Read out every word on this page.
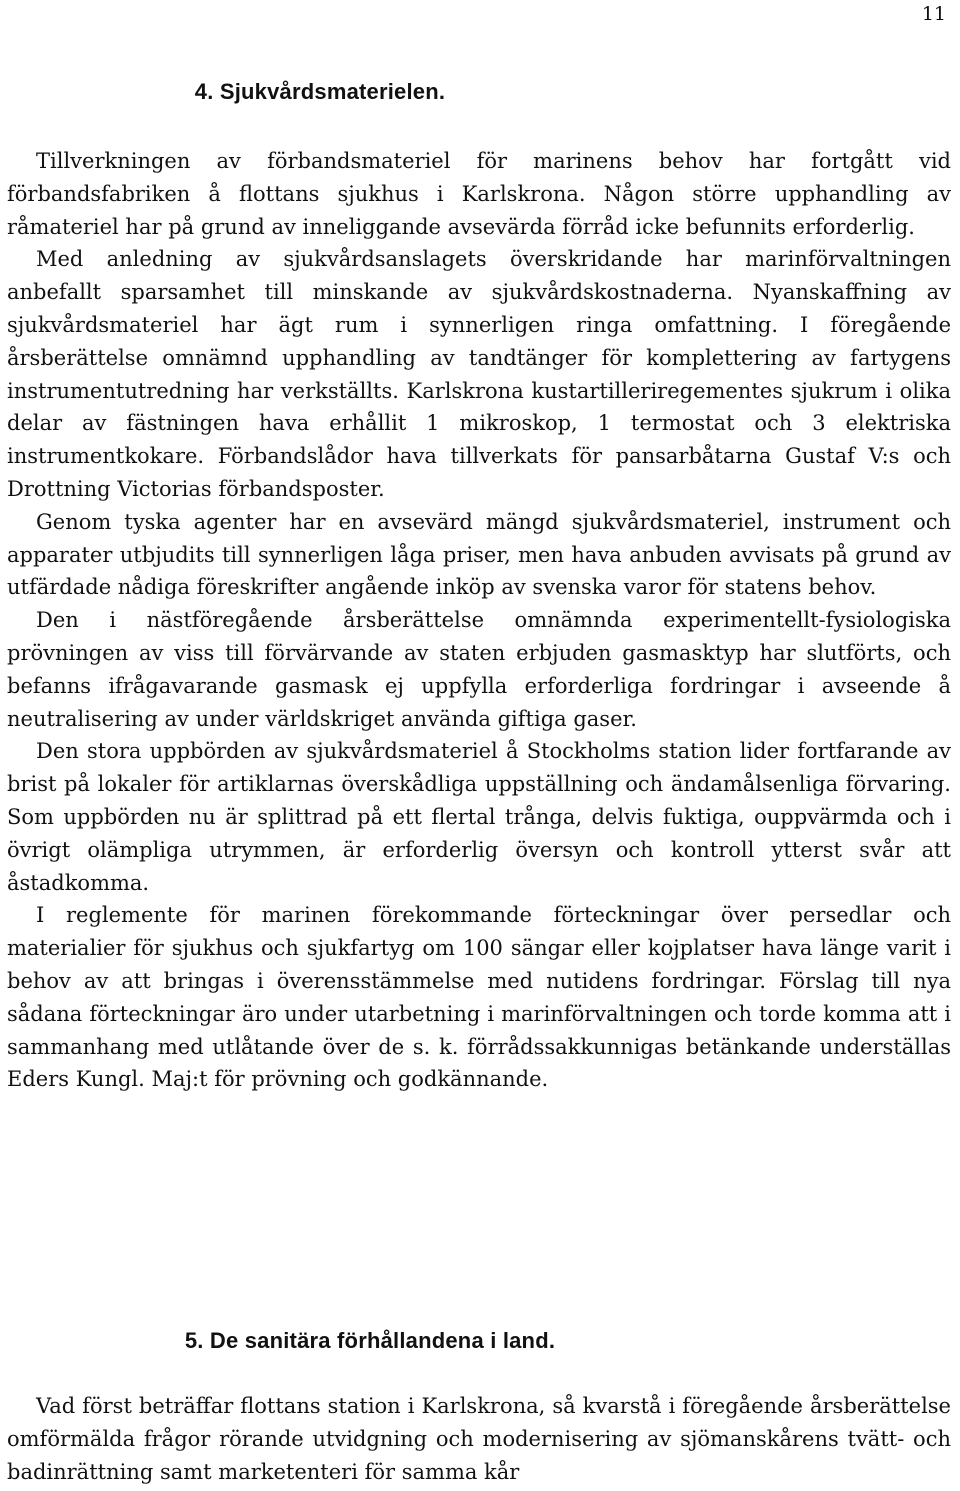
11
4. Sjukvårdsmaterielen.

Tillverkningen av förbandsmateriel för marinens behov har fortgått vid förbandsfabriken å flottans sjukhus i Karlskrona. Någon större upphandling av råmateriel har på grund av inneliggande avsevärda förråd icke befunnits erforderlig.

Med anledning av sjukvårdsanslagets överskridande har marinförvaltningen anbefallt sparsamhet till minskande av sjukvårdskostnaderna. Nyanskaffning av sjukvårdsmateriel har ägt rum i synnerligen ringa omfattning. I föregående årsberättelse omnämnd upphandling av tandtänger för komplettering av fartygens instrumentutredning har verkställts. Karlskrona kustartilleriregementes sjukrum i olika delar av fästningen hava erhållit 1 mikroskop, 1 termostat och 3 elektriska instrumentkokare. Förbandslådor hava tillverkats för pansarbåtarna Gustaf V:s och Drottning Victorias förbandsposter.

Genom tyska agenter har en avsevärd mängd sjukvårdsmateriel, instrument och apparater utbjudits till synnerligen låga priser, men hava anbuden avvisats på grund av utfärdade nådiga föreskrifter angående inköp av svenska varor för statens behov.

Den i nästföregående årsberättelse omnämnda experimentellt-fysiologiska prövningen av viss till förvärvande av staten erbjuden gasmasktyp har slutförts, och befanns ifrågavarande gasmask ej uppfylla erforderliga fordringar i avseende å neutralisering av under världskriget använda giftiga gaser.

Den stora uppbörden av sjukvårdsmateriel å Stockholms station lider fortfarande av brist på lokaler för artiklarnas överskådliga uppställning och ändamålsenliga förvaring. Som uppbörden nu är splittrad på ett flertal trånga, delvis fuktiga, ouppvärmda och i övrigt olämpliga utrymmen, är erforderlig översyn och kontroll ytterst svår att åstadkomma.

I reglemente för marinen förekommande förteckningar över persedlar och materialier för sjukhus och sjukfartyg om 100 sängar eller kojplatser hava länge varit i behov av att bringas i överensstämmelse med nutidens fordringar. Förslag till nya sådana förteckningar äro under utarbetning i marinförvaltningen och torde komma att i sammanhang med utlåtande över de s. k. förrådssakkunnigas betänkande underställas Eders Kungl. Maj:t för prövning och godkännande.

5. De sanitära förhållandena i land.

Vad först beträffar flottans station i Karlskrona, så kvarstå i föregående årsberättelse omförmälda frågor rörande utvidgning och modernisering av sjömanskårens tvätt- och badinrättning samt marketenteri för samma kår
